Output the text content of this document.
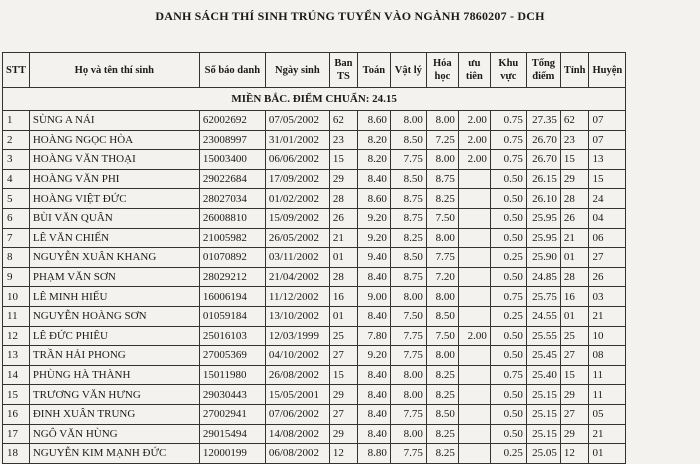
DANH SÁCH THÍ SINH TRÚNG TUYỂN VÀO NGÀNH 7860207 - DCH
STT	Họ và tên thí sinh	Số báo danh	Ngày sinh	Ban TS	Toán	Vật lý	Hóa học	ưu tiên	Khu vực	Tổng điểm	Tỉnh	Huyện
MIỀN BẮC. ĐIỂM CHUẨN: 24.15												
1	SÙNG A NÁI	62002692	07/05/2002	62	8.60	8.00	8.00	2.00	0.75	27.35	62	07
2	HOÀNG NGỌC HÒA	23008997	31/01/2002	23	8.20	8.50	7.25	2.00	0.75	26.70	23	07
3	HOÀNG VĂN THOẠI	15003400	06/06/2002	15	8.20	7.75	8.00	2.00	0.75	26.70	15	13
4	HOÀNG VĂN PHI	29022684	17/09/2002	29	8.40	8.50	8.75		0.50	26.15	29	15
5	HOÀNG VIỆT ĐỨC	28027034	01/02/2002	28	8.60	8.75	8.25		0.50	26.10	28	24
6	BÙI VĂN QUÂN	26008810	15/09/2002	26	9.20	8.75	7.50		0.50	25.95	26	04
7	LÊ VĂN CHIẾN	21005982	26/05/2002	21	9.20	8.25	8.00		0.50	25.95	21	06
8	NGUYỄN XUÂN KHANG	01070892	03/11/2002	01	9.40	8.50	7.75		0.25	25.90	01	27
9	PHẠM VĂN SƠN	28029212	21/04/2002	28	8.40	8.75	7.20		0.50	24.85	28	26
10	LÊ MINH HIẾU	16006194	11/12/2002	16	9.00	8.00	8.00		0.75	25.75	16	03
11	NGUYỄN HOÀNG SƠN	01059184	13/10/2002	01	8.40	7.50	8.50		0.25	24.55	01	21
12	LÊ ĐỨC PHIÊU	25016103	12/03/1999	25	7.80	7.75	7.50	2.00	0.50	25.55	25	10
13	TRẦN HẢI PHONG	27005369	04/10/2002	27	9.20	7.75	8.00		0.50	25.45	27	08
14	PHÙNG HÀ THÀNH	15011980	26/08/2002	15	8.40	8.00	8.25		0.75	25.40	15	11
15	TRƯƠNG VĂN HƯNG	29030443	15/05/2001	29	8.40	8.00	8.25		0.50	25.15	29	11
16	ĐINH XUÂN TRUNG	27002941	07/06/2002	27	8.40	7.75	8.50		0.50	25.15	27	05
17	NGÔ VĂN HÙNG	29015494	14/08/2002	29	8.40	8.00	8.25		0.50	25.15	29	21
18	NGUYỄN KIM MẠNH ĐỨC	12000199	06/08/2002	12	8.80	7.75	8.25		0.25	25.05	12	01
